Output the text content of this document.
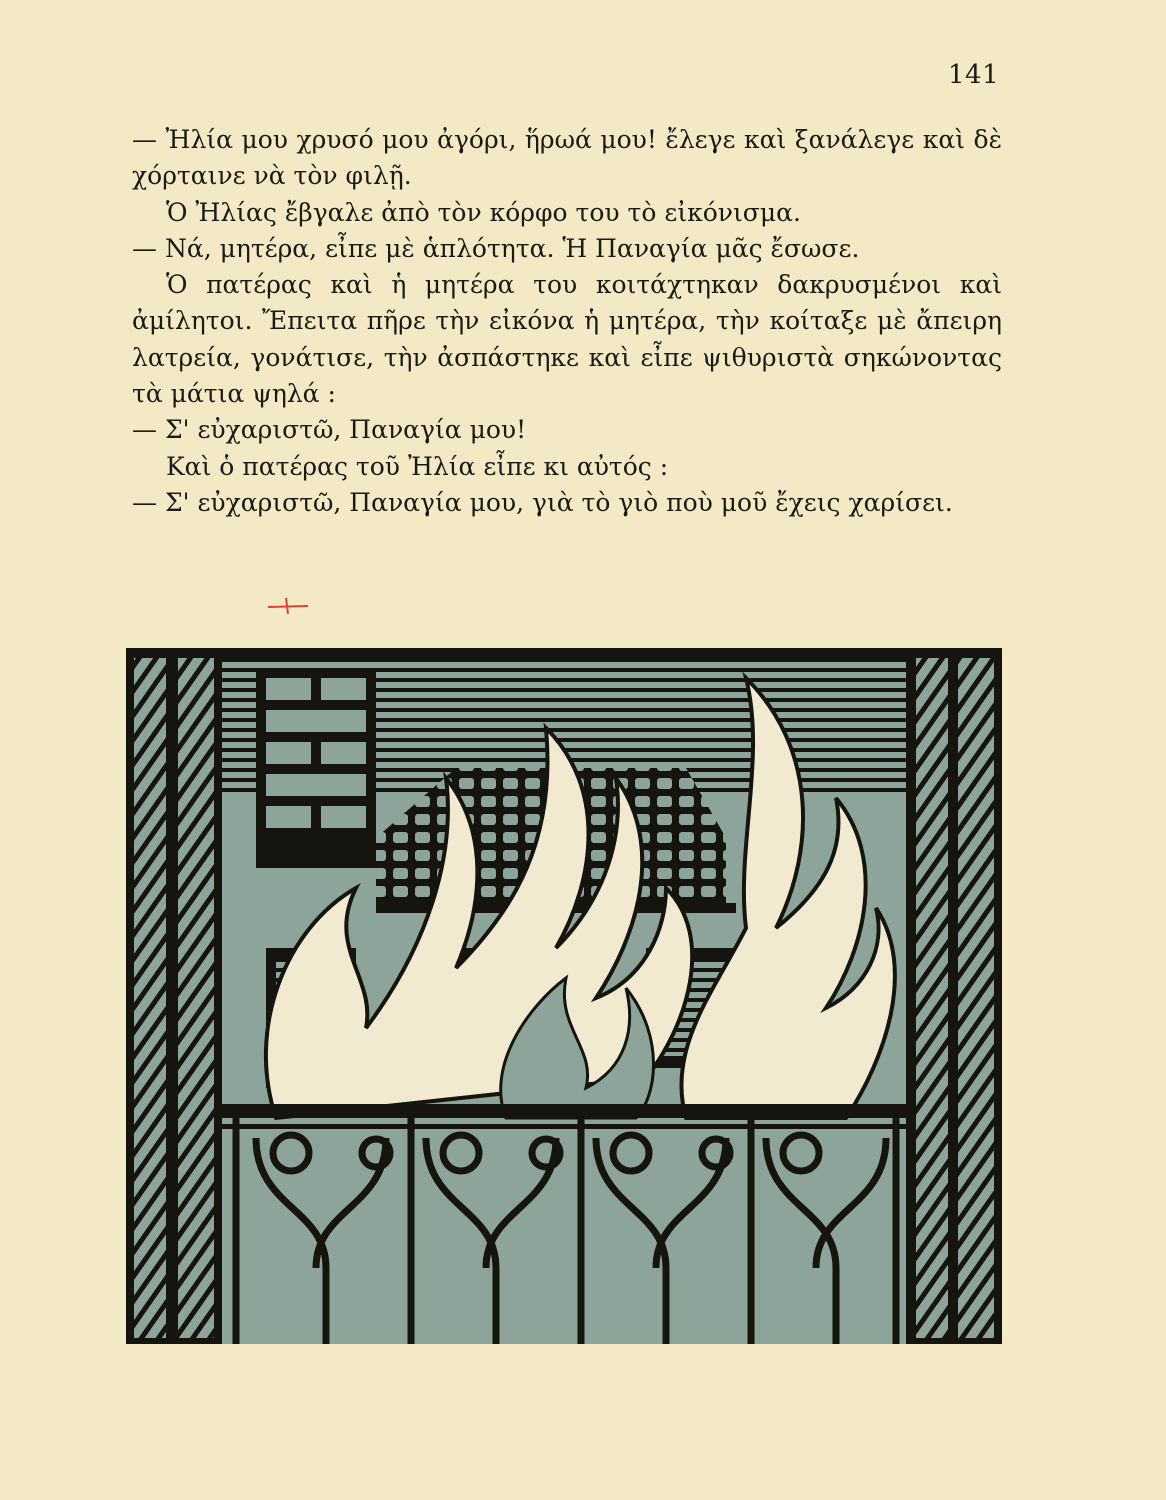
141

— Ἠλία μου χρυσό μου ἀγόρι, ἥρωά μου! ἔλεγε καὶ ξανάλεγε καὶ δὲ χόρταινε νὰ τὸν φιλῇ.

Ὁ Ἠλίας ἔβγαλε ἀπὸ τὸν κόρφο του τὸ εἰκόνισμα.

— Νά, μητέρα, εἶπε μὲ ἁπλότητα. Ἡ Παναγία μᾶς ἔσωσε.

Ὁ πατέρας καὶ ἡ μητέρα του κοιτάχτηκαν δακρυσμένοι καὶ ἀμίλητοι. Ἔπειτα πῆρε τὴν εἰκόνα ἡ μητέρα, τὴν κοίταξε μὲ ἄπειρη λατρεία, γονάτισε, τὴν ἀσπάστηκε καὶ εἶπε ψιθυριστὰ σηκώνοντας τὰ μάτια ψηλά :

— Σ' εὐχαριστῶ, Παναγία μου!

Καὶ ὁ πατέρας τοῦ Ἠλία εἶπε κι αὐτός :

— Σ' εὐχαριστῶ, Παναγία μου, γιὰ τὸ γιὸ ποὺ μοῦ ἔχεις χαρίσει.
